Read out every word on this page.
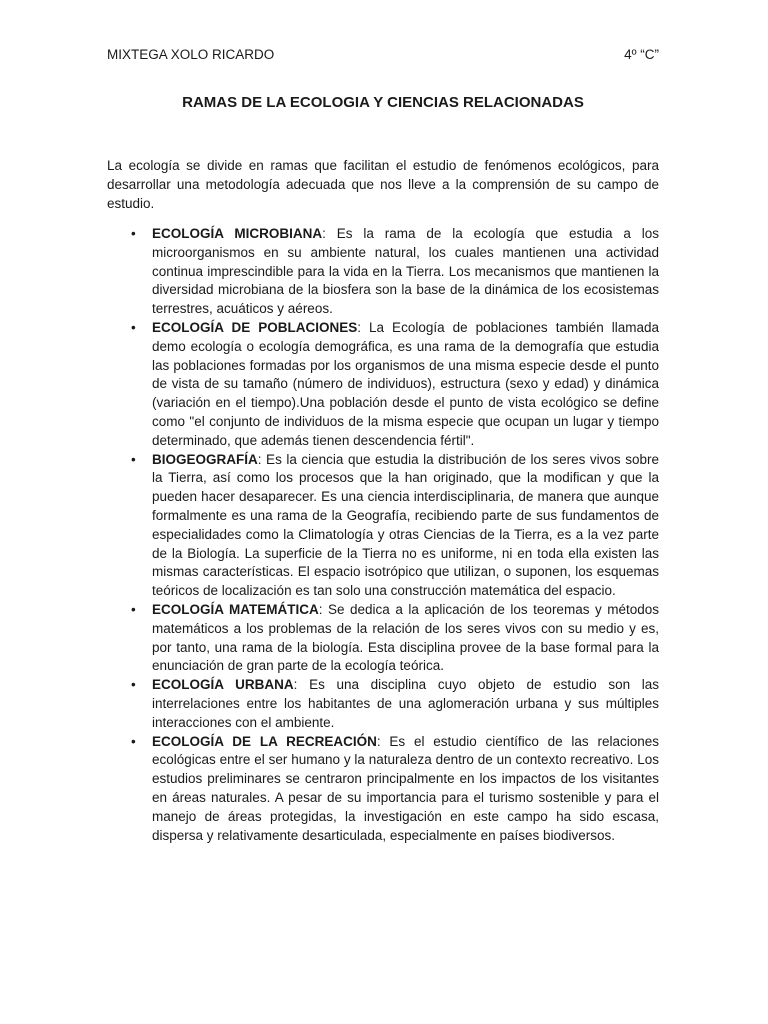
MIXTEGA XOLO RICARDO	4º “C”
RAMAS DE LA ECOLOGIA Y CIENCIAS RELACIONADAS

La ecología se divide en ramas que facilitan el estudio de fenómenos ecológicos, para desarrollar una metodología adecuada que nos lleve a la comprensión de su campo de estudio.

• ECOLOGÍA MICROBIANA: Es la rama de la ecología que estudia a los microorganismos en su ambiente natural, los cuales mantienen una actividad continua imprescindible para la vida en la Tierra. Los mecanismos que mantienen la diversidad microbiana de la biosfera son la base de la dinámica de los ecosistemas terrestres, acuáticos y aéreos.
• ECOLOGÍA DE POBLACIONES: La Ecología de poblaciones también llamada demo ecología o ecología demográfica, es una rama de la demografía que estudia las poblaciones formadas por los organismos de una misma especie desde el punto de vista de su tamaño (número de individuos), estructura (sexo y edad) y dinámica (variación en el tiempo).Una población desde el punto de vista ecológico se define como "el conjunto de individuos de la misma especie que ocupan un lugar y tiempo determinado, que además tienen descendencia fértil".
• BIOGEOGRAFÍA: Es la ciencia que estudia la distribución de los seres vivos sobre la Tierra, así como los procesos que la han originado, que la modifican y que la pueden hacer desaparecer. Es una ciencia interdisciplinaria, de manera que aunque formalmente es una rama de la Geografía, recibiendo parte de sus fundamentos de especialidades como la Climatología y otras Ciencias de la Tierra, es a la vez parte de la Biología. La superficie de la Tierra no es uniforme, ni en toda ella existen las mismas características. El espacio isotrópico que utilizan, o suponen, los esquemas teóricos de localización es tan solo una construcción matemática del espacio.
• ECOLOGÍA MATEMÁTICA: Se dedica a la aplicación de los teoremas y métodos matemáticos a los problemas de la relación de los seres vivos con su medio y es, por tanto, una rama de la biología. Esta disciplina provee de la base formal para la enunciación de gran parte de la ecología teórica.
• ECOLOGÍA URBANA: Es una disciplina cuyo objeto de estudio son las interrelaciones entre los habitantes de una aglomeración urbana y sus múltiples interacciones con el ambiente.
• ECOLOGÍA DE LA RECREACIÓN: Es el estudio científico de las relaciones ecológicas entre el ser humano y la naturaleza dentro de un contexto recreativo. Los estudios preliminares se centraron principalmente en los impactos de los visitantes en áreas naturales. A pesar de su importancia para el turismo sostenible y para el manejo de áreas protegidas, la investigación en este campo ha sido escasa, dispersa y relativamente desarticulada, especialmente en países biodiversos.
